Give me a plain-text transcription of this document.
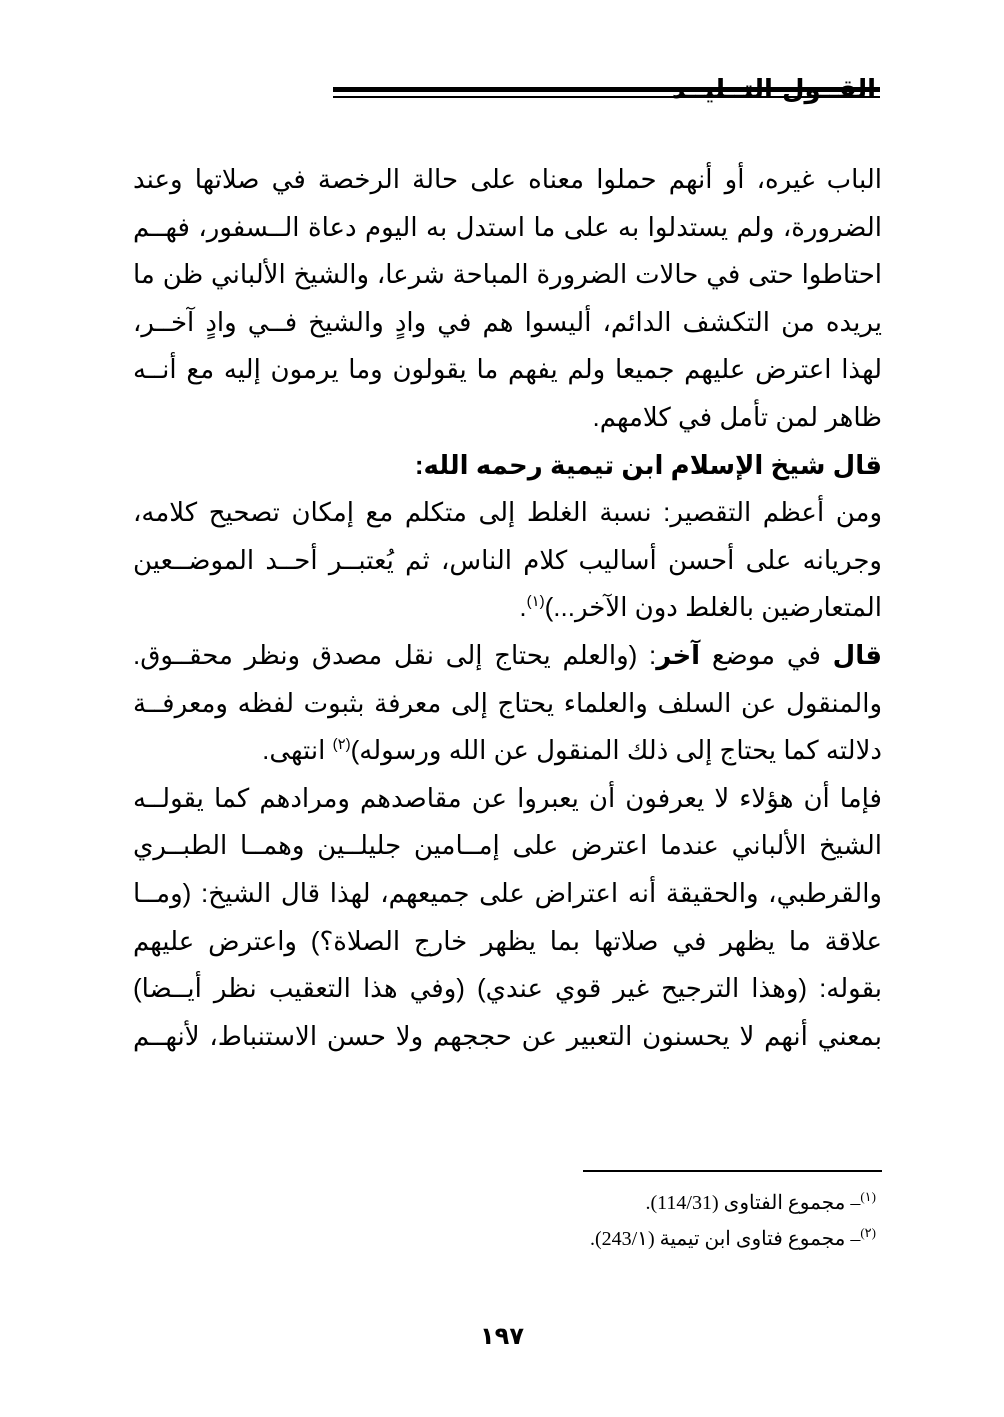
الباب غيره، أو أنهم حملوا معناه على حالة الرخصة في صلاتها وعند الضرورة، ولم يستدلوا به على ما استدل به اليوم دعاة الــسفور، فهــم احتاطوا حتى في حالات الضرورة المباحة شرعا، والشيخ الألباني ظن ما يريده من التكشف الدائم، أليسوا هم في وادٍ والشيخ فــي وادٍ آخــر، لهذا اعترض عليهم جميعا ولم يفهم ما يقولون وما يرمون إليه مع أنــه ظاهر لمن تأمل في كلامهم.

قال شيخ الإسلام ابن تيمية رحمه الله:

ومن أعظم التقصير: نسبة الغلط إلى متكلم مع إمكان تصحيح كلامه، وجريانه على أحسن أساليب كلام الناس، ثم يُعتبــر أحــد الموضــعين المتعارضين بالغلط دون الآخر...)$^{(١)}$.

قال في موضع آخر: (والعلم يحتاج إلى نقل مصدق ونظر محقــوق. والمنقول عن السلف والعلماء يحتاج إلى معرفة بثبوت لفظه ومعرفــة دلالته كما يحتاج إلى ذلك المنقول عن الله ورسوله)$^{(٢)}$ انتهى.

فإما أن هؤلاء لا يعرفون أن يعبروا عن مقاصدهم ومرادهم كما يقولــه الشيخ الألباني عندما اعترض على إمــامين جليلــين وهمــا الطبــري والقرطبي، والحقيقة أنه اعتراض على جميعهم، لهذا قال الشيخ: (ومــا علاقة ما يظهر في صلاتها بما يظهر خارج الصلاة؟) واعترض عليهم بقوله: (وهذا الترجيح غير قوي عندي) (وفي هذا التعقيب نظر أيــضا) بمعني أنهم لا يحسنون التعبير عن حججهم ولا حسن الاستنباط، لأنهــم

$^{(١)}$– مجموع الفتاوى (114/31).

$^{(٢)}$– مجموع فتاوى ابن تيمية (243/١).

١٩٧
